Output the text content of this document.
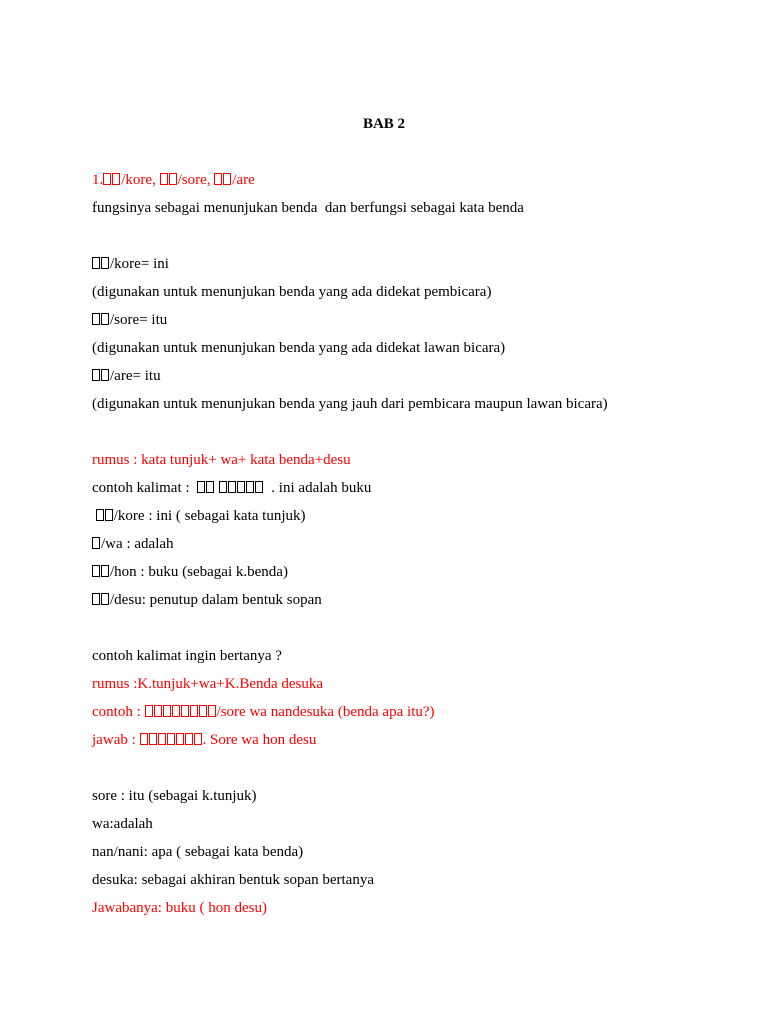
BAB 2
1. /kore, /sore, /are
fungsinya sebagai menunjukan benda  dan berfungsi sebagai kata benda
/kore= ini
(digunakan untuk menunjukan benda yang ada didekat pembicara)
/sore= itu
(digunakan untuk menunjukan benda yang ada didekat lawan bicara)
/are= itu
(digunakan untuk menunjukan benda yang jauh dari pembicara maupun lawan bicara)
rumus : kata tunjuk+ wa+ kata benda+desu
contoh kalimat :	. ini adalah buku
/kore : ini ( sebagai kata tunjuk)
/wa : adalah
/hon : buku (sebagai k.benda)
/desu: penutup dalam bentuk sopan
contoh kalimat ingin bertanya ?
rumus :K.tunjuk+wa+K.Benda desuka
contoh :	/sore wa nandesuka (benda apa itu?)
jawab :	. Sore wa hon desu
sore : itu (sebagai k.tunjuk)
wa:adalah
nan/nani: apa ( sebagai kata benda)
desuka: sebagai akhiran bentuk sopan bertanya
Jawabanya: buku ( hon desu)
